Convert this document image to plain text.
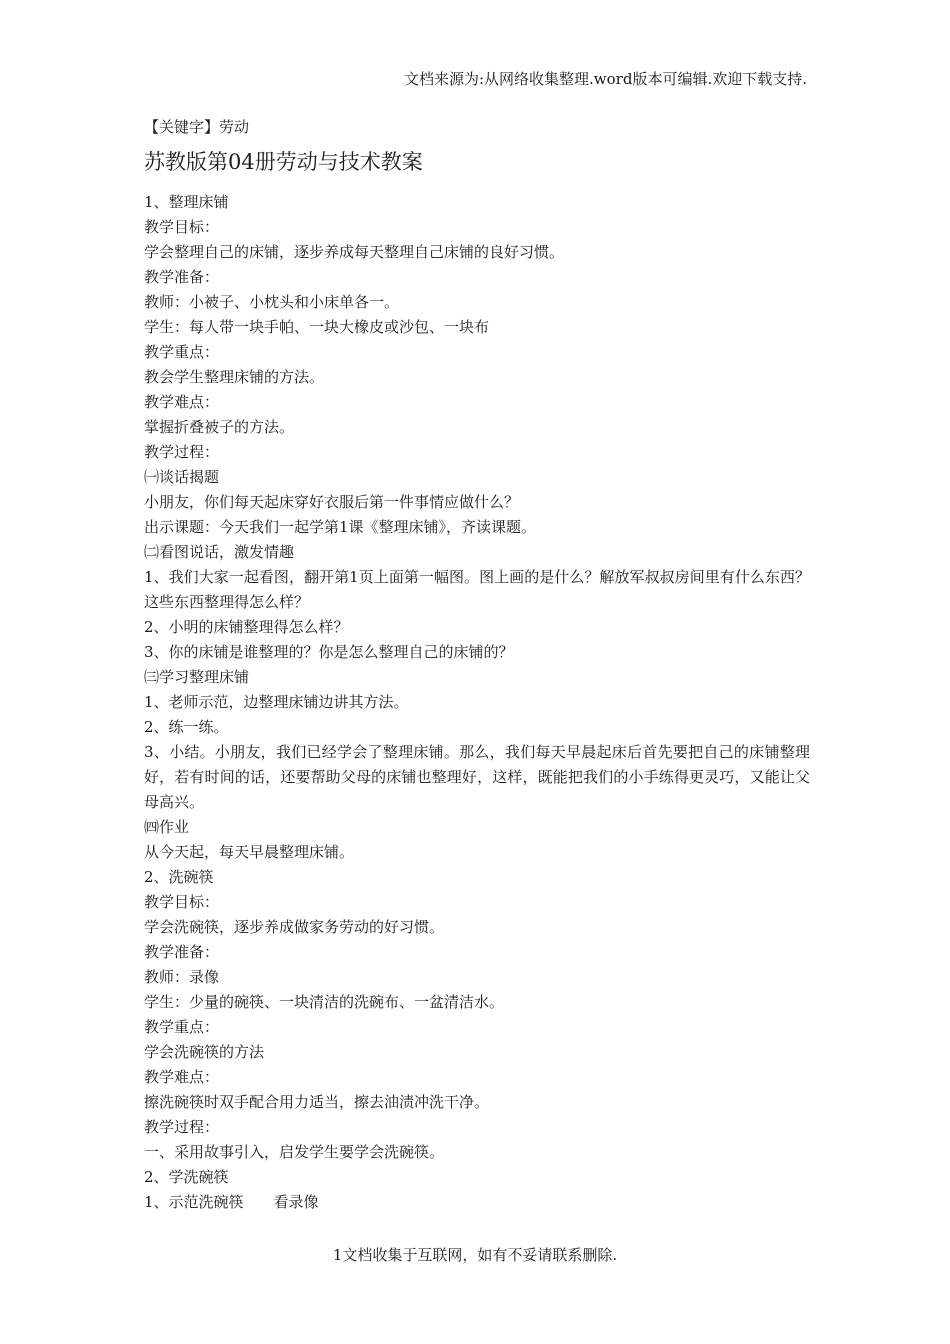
文档来源为:从网络收集整理.word版本可编辑.欢迎下载支持.
【关键字】劳动
苏教版第04册劳动与技术教案
1、整理床铺
教学目标：
学会整理自己的床铺，逐步养成每天整理自己床铺的良好习惯。
教学准备：
教师：小被子、小枕头和小床单各一。
学生：每人带一块手帕、一块大橡皮或沙包、一块布
教学重点：
教会学生整理床铺的方法。
教学难点：
掌握折叠被子的方法。
教学过程：
㈠谈话揭题
小朋友，你们每天起床穿好衣服后第一件事情应做什么？
出示课题：今天我们一起学第1课《整理床铺》，齐读课题。
㈡看图说话，激发情趣
1、我们大家一起看图，翻开第1页上面第一幅图。图上画的是什么？解放军叔叔房间里有什么东西？这些东西整理得怎么样？
2、小明的床铺整理得怎么样？
3、你的床铺是谁整理的？你是怎么整理自己的床铺的？
㈢学习整理床铺
1、老师示范，边整理床铺边讲其方法。
2、练一练。
3、小结。小朋友，我们已经学会了整理床铺。那么，我们每天早晨起床后首先要把自己的床铺整理好，若有时间的话，还要帮助父母的床铺也整理好，这样，既能把我们的小手练得更灵巧，又能让父母高兴。
㈣作业
从今天起，每天早晨整理床铺。
2、洗碗筷
教学目标：
学会洗碗筷，逐步养成做家务劳动的好习惯。
教学准备：
教师：录像
学生：少量的碗筷、一块清洁的洗碗布、一盆清洁水。
教学重点：
学会洗碗筷的方法
教学难点：
擦洗碗筷时双手配合用力适当，擦去油渍冲洗干净。
教学过程：
一、采用故事引入，启发学生要学会洗碗筷。
2、学洗碗筷
1、示范洗碗筷　　看录像
1文档收集于互联网，如有不妥请联系删除.
